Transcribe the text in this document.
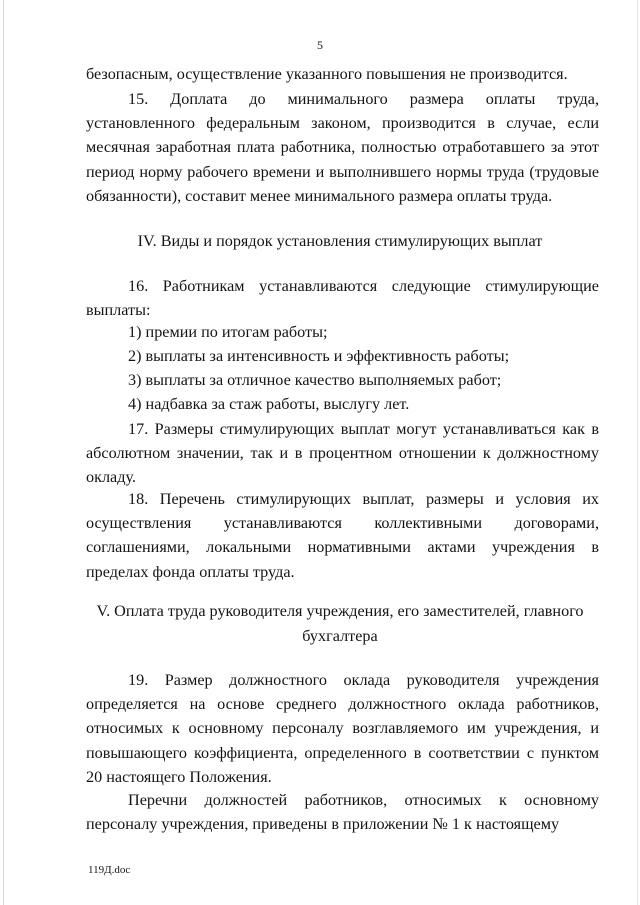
5
безопасным, осуществление указанного повышения не производится.
15. Доплата до минимального размера оплаты труда, установленного федеральным законом, производится в случае, если месячная заработная плата работника, полностью отработавшего за этот период норму рабочего времени и выполнившего нормы труда (трудовые обязанности), составит менее минимального размера оплаты труда.
IV. Виды и порядок установления стимулирующих выплат
16. Работникам устанавливаются следующие стимулирующие выплаты:
1) премии по итогам работы;
2) выплаты за интенсивность и эффективность работы;
3) выплаты за отличное качество выполняемых работ;
4) надбавка за стаж работы, выслугу лет.
17. Размеры стимулирующих выплат могут устанавливаться как в абсолютном значении, так и в процентном отношении к должностному окладу.
18. Перечень стимулирующих выплат, размеры и условия их осуществления устанавливаются коллективными договорами, соглашениями, локальными нормативными актами учреждения в пределах фонда оплаты труда.
V. Оплата труда руководителя учреждения, его заместителей, главного
бухгалтера
19. Размер должностного оклада руководителя учреждения определяется на основе среднего должностного оклада работников, относимых к основному персоналу возглавляемого им учреждения, и повышающего коэффициента, определенного в соответствии с пунктом 20 настоящего Положения.
Перечни должностей работников, относимых к основному персоналу учреждения, приведены в приложении № 1 к настоящему
119Д.doc
